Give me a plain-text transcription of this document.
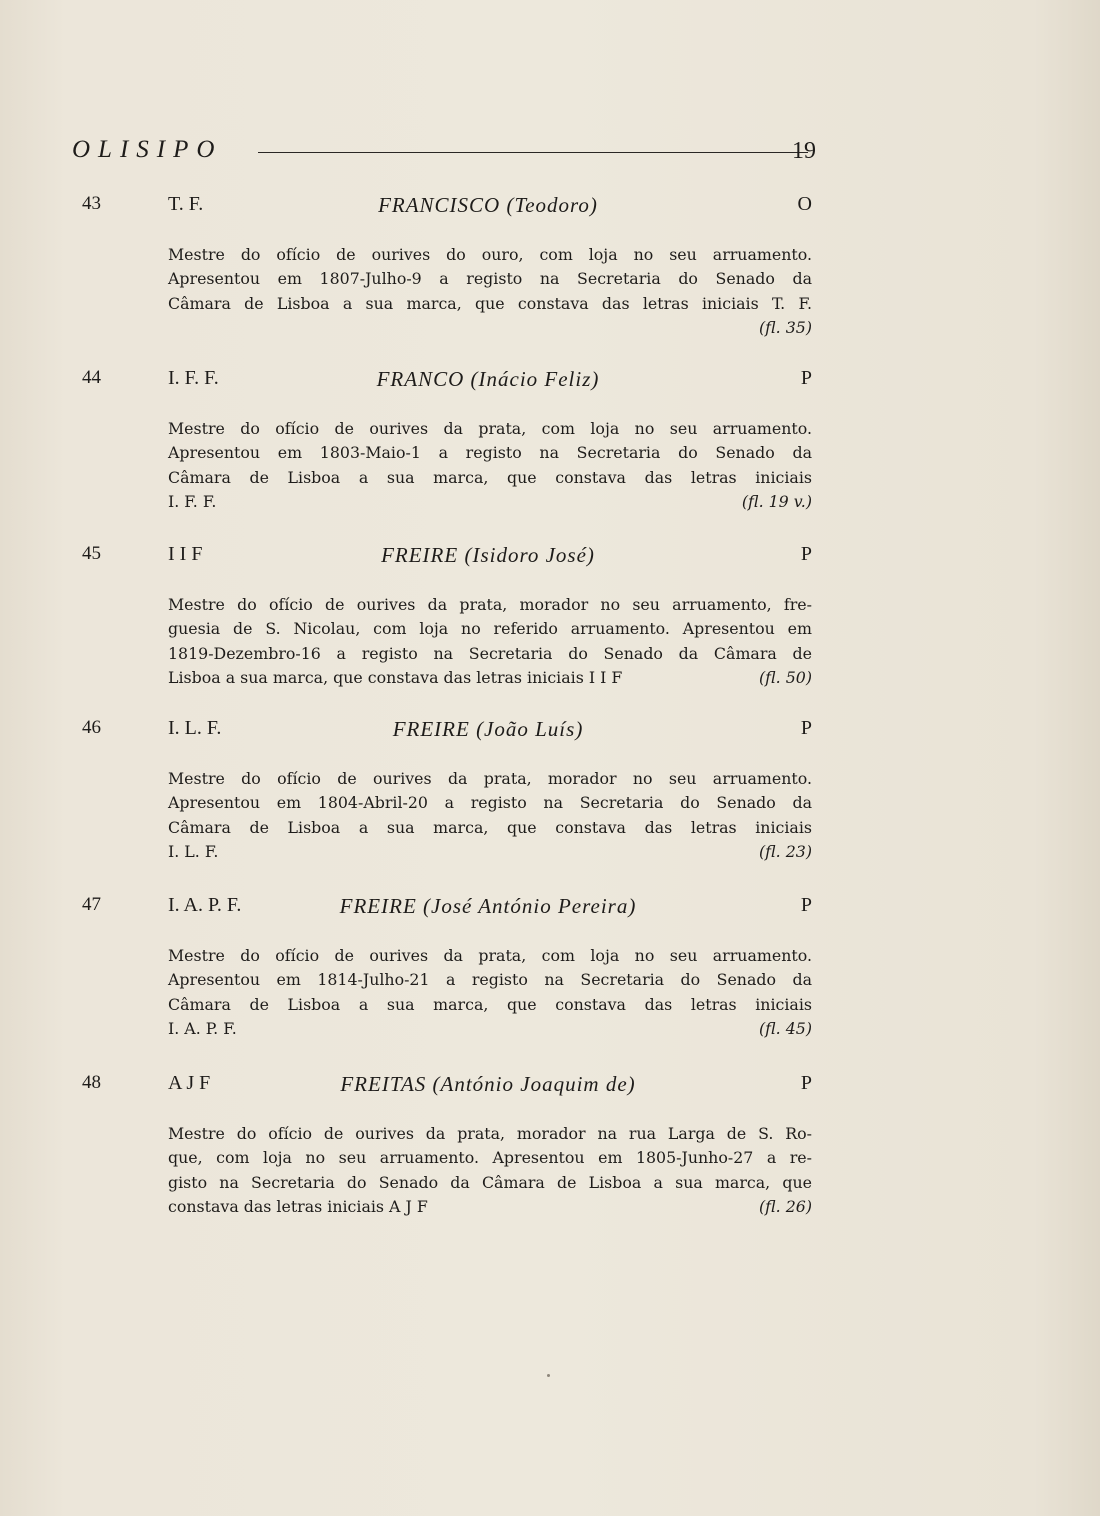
OLISIPO	19
43	T. F.	FRANCISCO (Teodoro)	O

Mestre do ofício de ourives do ouro, com loja no seu arruamento.

Apresentou em 1807-Julho-9 a registo na Secretaria do Senado da

Câmara de Lisboa a sua marca, que constava das letras iniciais T. F.

(fl. 35)
44	I. F. F.	FRANCO (Inácio Feliz)	P

Mestre do ofício de ourives da prata, com loja no seu arruamento.

Apresentou em 1803-Maio-1 a registo na Secretaria do Senado da

Câmara de Lisboa a sua marca, que constava das letras iniciais

I. F. F.	(fl. 19 v.)
45	I I F	FREIRE (Isidoro José)	P

Mestre do ofício de ourives da prata, morador no seu arruamento, fre-

guesia de S. Nicolau, com loja no referido arruamento. Apresentou em

1819-Dezembro-16 a registo na Secretaria do Senado da Câmara de

Lisboa a sua marca, que constava das letras iniciais I I F	(fl. 50)
46	I. L. F.	FREIRE (João Luís)	P

Mestre do ofício de ourives da prata, morador no seu arruamento.

Apresentou em 1804-Abril-20 a registo na Secretaria do Senado da

Câmara de Lisboa a sua marca, que constava das letras iniciais

I. L. F.	(fl. 23)
47	I. A. P. F.	FREIRE (José António Pereira)	P

Mestre do ofício de ourives da prata, com loja no seu arruamento.

Apresentou em 1814-Julho-21 a registo na Secretaria do Senado da

Câmara de Lisboa a sua marca, que constava das letras iniciais

I. A. P. F.	(fl. 45)
48	A J F	FREITAS (António Joaquim de)	P

Mestre do ofício de ourives da prata, morador na rua Larga de S. Ro-

que, com loja no seu arruamento. Apresentou em 1805-Junho-27 a re-

gisto na Secretaria do Senado da Câmara de Lisboa a sua marca, que

constava das letras iniciais A J F	(fl. 26)
